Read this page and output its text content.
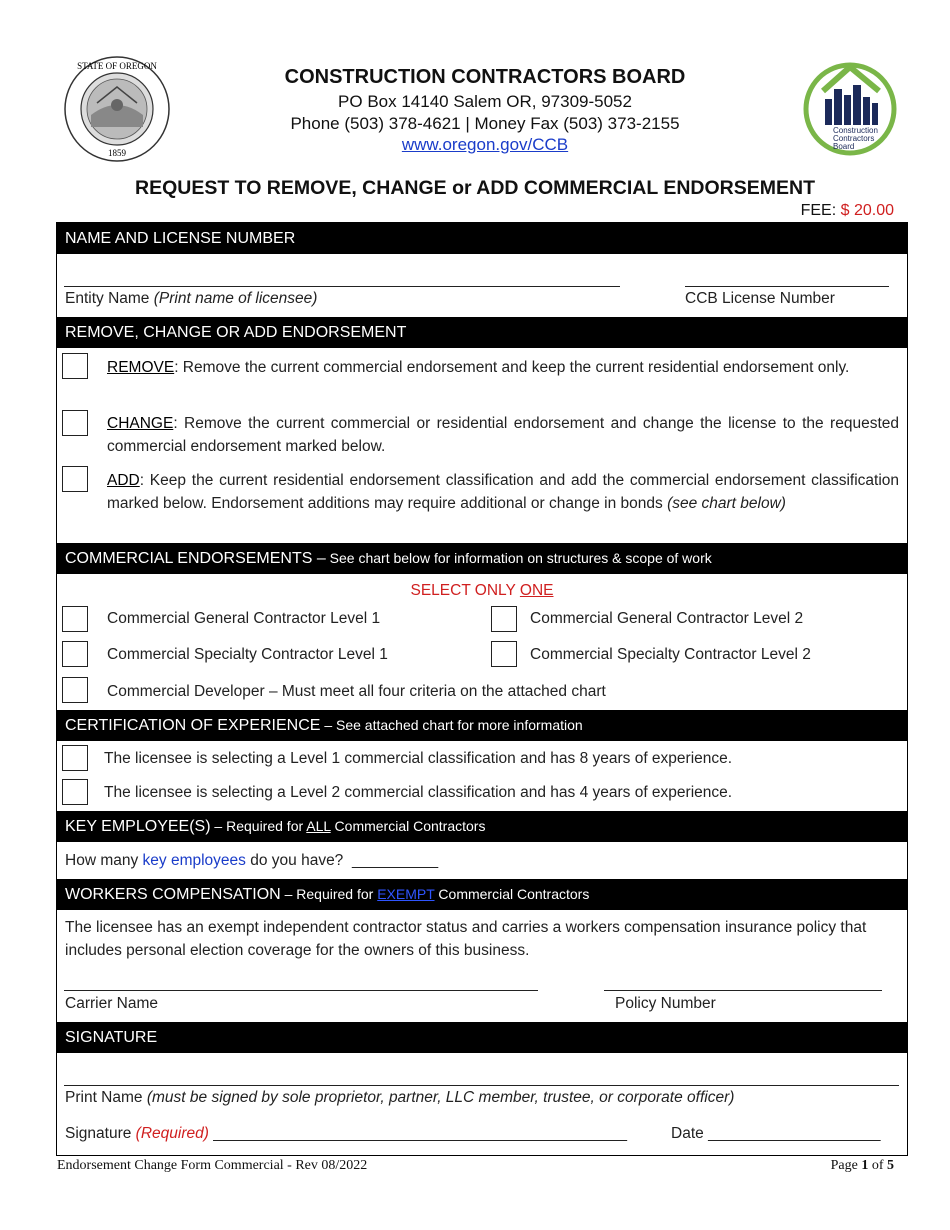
STATE OF OREGON
1859
CONSTRUCTION CONTRACTORS BOARD
PO Box 14140 Salem OR, 97309-5052
Phone (503) 378-4621 | Money Fax (503) 373-2155
www.oregon.gov/CCB
Construction
Contractors
Board
REQUEST TO REMOVE, CHANGE or ADD COMMERCIAL ENDORSEMENT
FEE: $ 20.00
NAME AND LICENSE NUMBER
Entity Name (Print name of licensee)	CCB License Number
REMOVE, CHANGE OR ADD ENDORSEMENT
REMOVE: Remove the current commercial endorsement and keep the current residential endorsement only.
CHANGE: Remove the current commercial or residential endorsement and change the license to the requested commercial endorsement marked below.
ADD: Keep the current residential endorsement classification and add the commercial endorsement classification marked below. Endorsement additions may require additional or change in bonds (see chart below)
COMMERCIAL ENDORSEMENTS – See chart below for information on structures & scope of work
SELECT ONLY ONE
Commercial General Contractor Level 1	Commercial General Contractor Level 2
Commercial Specialty Contractor Level 1	Commercial Specialty Contractor Level 2
Commercial Developer – Must meet all four criteria on the attached chart
CERTIFICATION OF EXPERIENCE – See attached chart for more information
The licensee is selecting a Level 1 commercial classification and has 8 years of experience.
The licensee is selecting a Level 2 commercial classification and has 4 years of experience.
KEY EMPLOYEE(S) – Required for ALL Commercial Contractors
How many key employees do you have? __________
WORKERS COMPENSATION – Required for EXEMPT Commercial Contractors
The licensee has an exempt independent contractor status and carries a workers compensation insurance policy that includes personal election coverage for the owners of this business.
Carrier Name	Policy Number
SIGNATURE
Print Name (must be signed by sole proprietor, partner, LLC member, trustee, or corporate officer)
Signature (Required) ________________________________________________	Date ____________________
Endorsement Change Form Commercial - Rev 08/2022	Page 1 of 5
